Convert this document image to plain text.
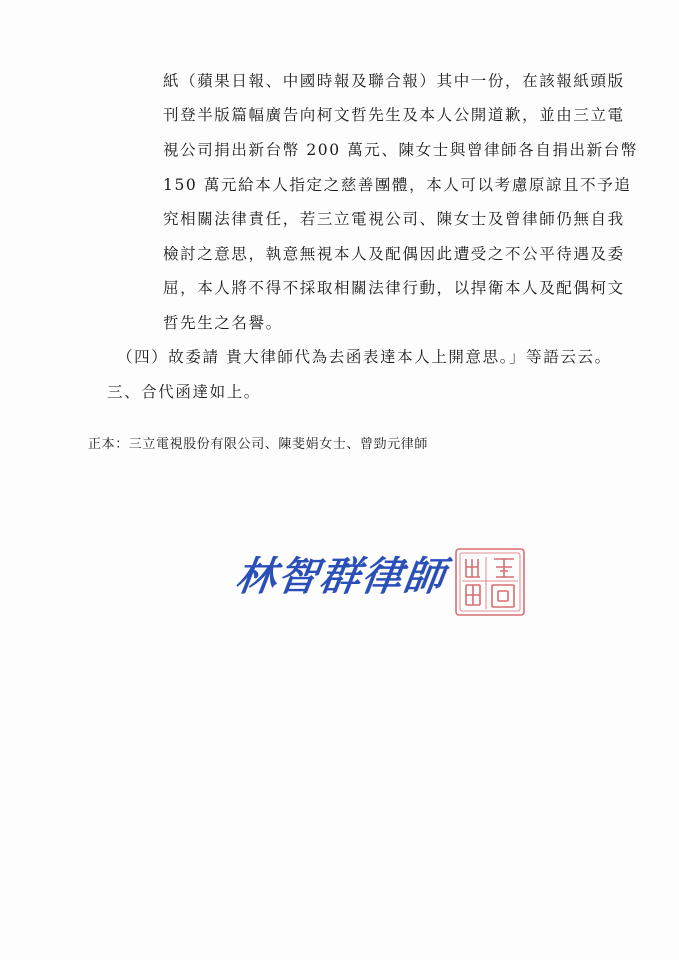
紙（蘋果日報、中國時報及聯合報）其中一份，在該報紙頭版
刊登半版篇幅廣告向柯文哲先生及本人公開道歉，並由三立電
視公司捐出新台幣 200 萬元、陳女士與曾律師各自捐出新台幣
150 萬元給本人指定之慈善團體，本人可以考慮原諒且不予追
究相關法律責任，若三立電視公司、陳女士及曾律師仍無自我
檢討之意思，執意無視本人及配偶因此遭受之不公平待遇及委
屈，本人將不得不採取相關法律行動，以捍衛本人及配偶柯文
哲先生之名譽。
（四）故委請 貴大律師代為去函表達本人上開意思。」等語云云。
三、合代函達如上。
正本：三立電視股份有限公司、陳斐娟女士、曾勁元律師
林智群律師
